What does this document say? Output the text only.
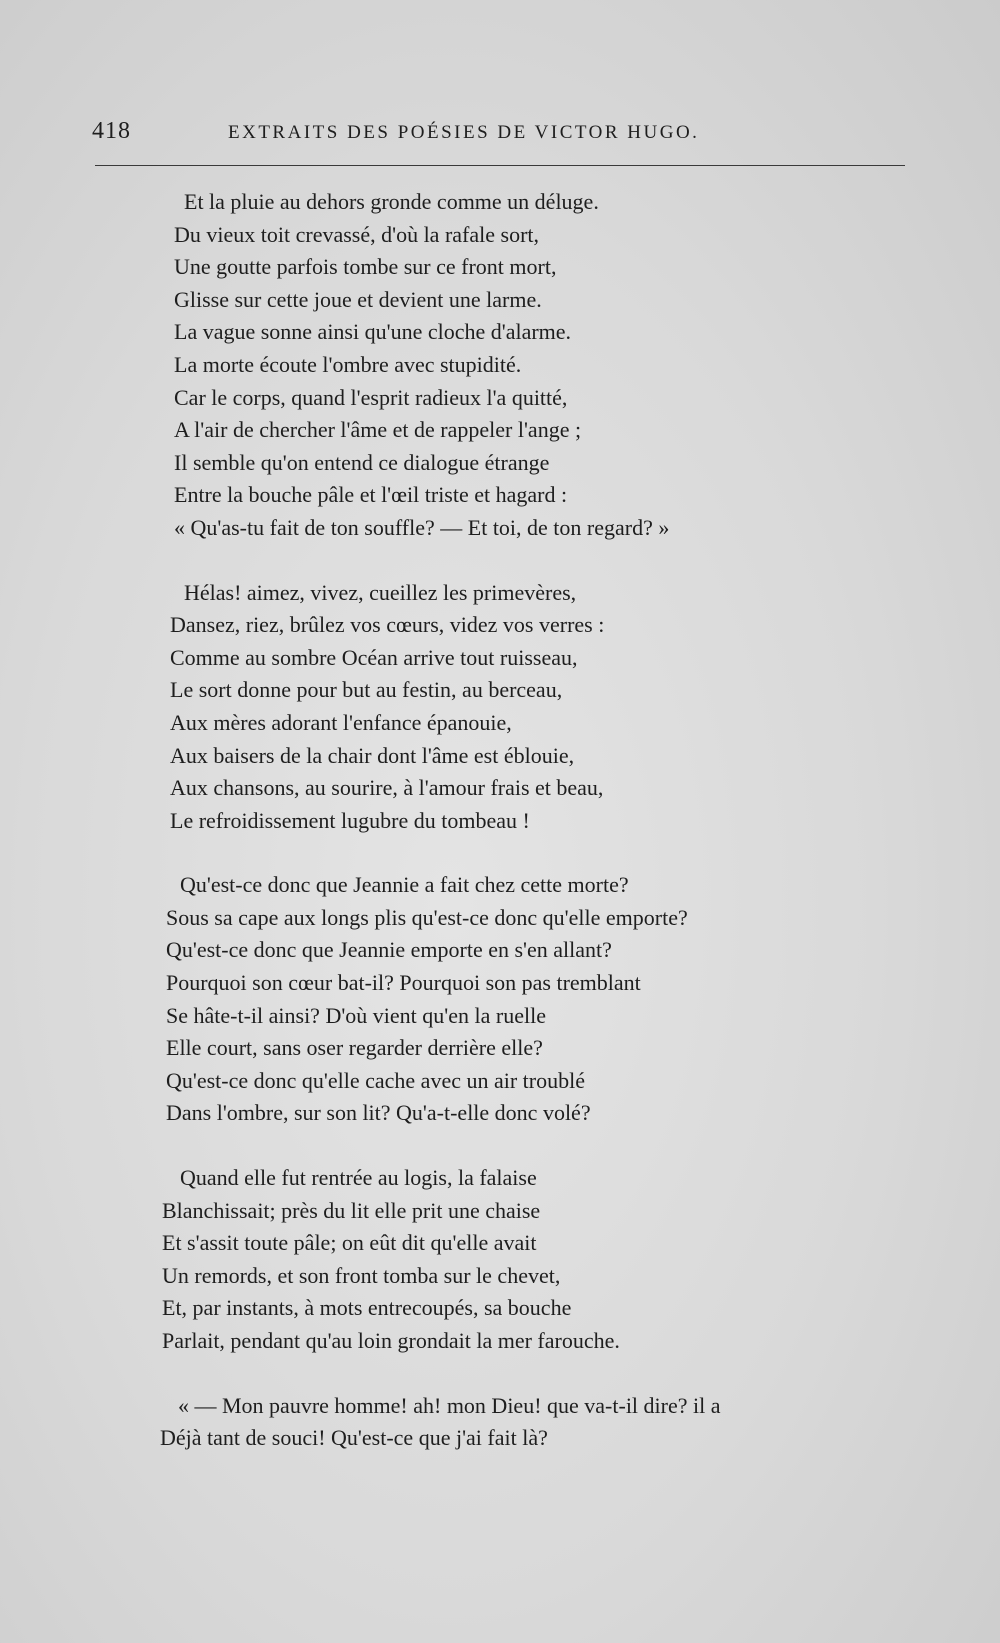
418	EXTRAITS DES POÉSIES DE VICTOR HUGO.
Et la pluie au dehors gronde comme un déluge.
Du vieux toit crevassé, d'où la rafale sort,
Une goutte parfois tombe sur ce front mort,
Glisse sur cette joue et devient une larme.
La vague sonne ainsi qu'une cloche d'alarme.
La morte écoute l'ombre avec stupidité.
Car le corps, quand l'esprit radieux l'a quitté,
A l'air de chercher l'âme et de rappeler l'ange ;
Il semble qu'on entend ce dialogue étrange
Entre la bouche pâle et l'œil triste et hagard :
« Qu'as-tu fait de ton souffle? — Et toi, de ton regard? »
Hélas! aimez, vivez, cueillez les primevères,
Dansez, riez, brûlez vos cœurs, videz vos verres :
Comme au sombre Océan arrive tout ruisseau,
Le sort donne pour but au festin, au berceau,
Aux mères adorant l'enfance épanouie,
Aux baisers de la chair dont l'âme est éblouie,
Aux chansons, au sourire, à l'amour frais et beau,
Le refroidissement lugubre du tombeau !
Qu'est-ce donc que Jeannie a fait chez cette morte?
Sous sa cape aux longs plis qu'est-ce donc qu'elle emporte?
Qu'est-ce donc que Jeannie emporte en s'en allant?
Pourquoi son cœur bat-il? Pourquoi son pas tremblant
Se hâte-t-il ainsi? D'où vient qu'en la ruelle
Elle court, sans oser regarder derrière elle?
Qu'est-ce donc qu'elle cache avec un air troublé
Dans l'ombre, sur son lit? Qu'a-t-elle donc volé?
Quand elle fut rentrée au logis, la falaise
Blanchissait; près du lit elle prit une chaise
Et s'assit toute pâle; on eût dit qu'elle avait
Un remords, et son front tomba sur le chevet,
Et, par instants, à mots entrecoupés, sa bouche
Parlait, pendant qu'au loin grondait la mer farouche.
« — Mon pauvre homme! ah! mon Dieu! que va-t-il dire? il a
Déjà tant de souci! Qu'est-ce que j'ai fait là?
